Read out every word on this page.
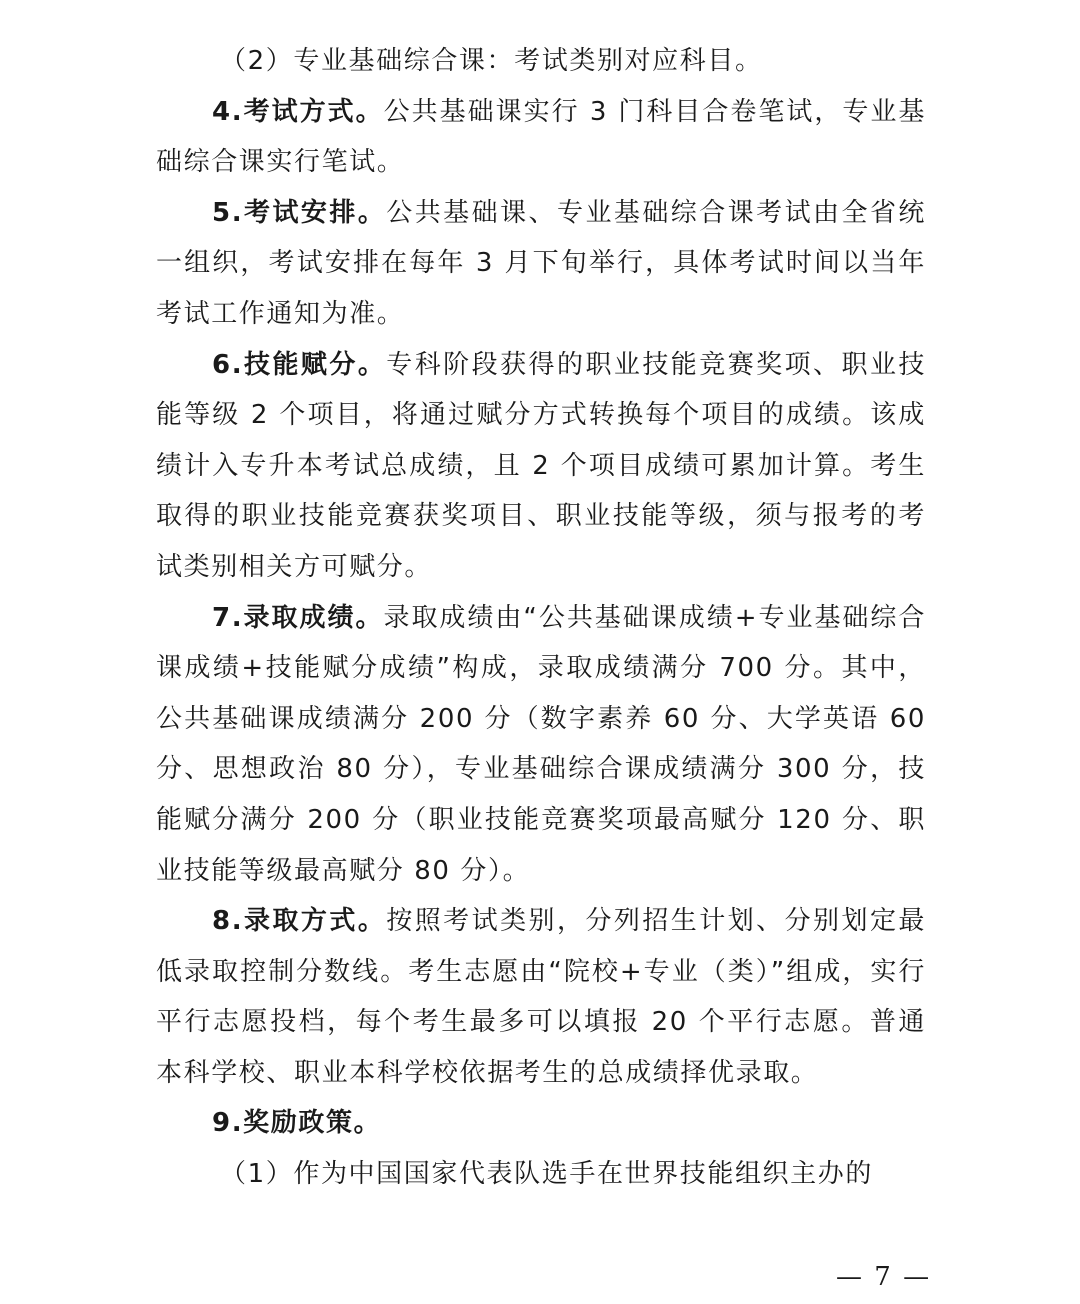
（2）专业基础综合课：考试类别对应科目。

4.考试方式。公共基础课实行 3 门科目合卷笔试，专业基础综合课实行笔试。

5.考试安排。公共基础课、专业基础综合课考试由全省统一组织，考试安排在每年 3 月下旬举行，具体考试时间以当年考试工作通知为准。

6.技能赋分。专科阶段获得的职业技能竞赛奖项、职业技能等级 2 个项目，将通过赋分方式转换每个项目的成绩。该成绩计入专升本考试总成绩，且 2 个项目成绩可累加计算。考生取得的职业技能竞赛获奖项目、职业技能等级，须与报考的考试类别相关方可赋分。

7.录取成绩。录取成绩由“公共基础课成绩+专业基础综合课成绩+技能赋分成绩”构成，录取成绩满分 700 分。其中，公共基础课成绩满分 200 分（数字素养 60 分、大学英语 60 分、思想政治 80 分），专业基础综合课成绩满分 300 分，技能赋分满分 200 分（职业技能竞赛奖项最高赋分 120 分、职业技能等级最高赋分 80 分）。

8.录取方式。按照考试类别，分列招生计划、分别划定最低录取控制分数线。考生志愿由“院校+专业（类）”组成，实行平行志愿投档，每个考生最多可以填报 20 个平行志愿。普通本科学校、职业本科学校依据考生的总成绩择优录取。

9.奖励政策。

（1）作为中国国家代表队选手在世界技能组织主办的

— 7 —
